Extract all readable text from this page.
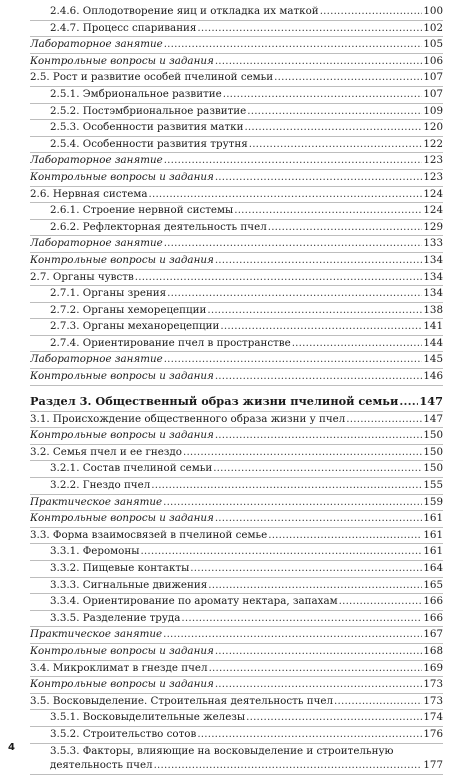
2.4.6. Оплодотворение яиц и откладка их маткой .....	100
2.4.7. Процесс спаривания .....	102
Лабораторное занятие .....	105
Контрольные вопросы и задания .....	106
2.5. Рост и развитие особей пчелиной семьи .....	107
2.5.1. Эмбриональное развитие .....	107
2.5.2. Постэмбриональное развитие .....	109
2.5.3. Особенности развития матки .....	120
2.5.4. Особенности развития трутня .....	122
Лабораторное занятие .....	123
Контрольные вопросы и задания .....	123
2.6. Нервная система .....	124
2.6.1. Строение нервной системы .....	124
2.6.2. Рефлекторная деятельность пчел .....	129
Лабораторное занятие .....	133
Контрольные вопросы и задания .....	134
2.7. Органы чувств .....	134
2.7.1. Органы зрения .....	134
2.7.2. Органы хеморецепции .....	138
2.7.3. Органы механорецепции .....	141
2.7.4. Ориентирование пчел в пространстве .....	144
Лабораторное занятие .....	145
Контрольные вопросы и задания .....	146
Раздел 3. Общественный образ жизни пчелиной семьи ..... 147
3.1. Происхождение общественного образа жизни у пчел .....	147
Контрольные вопросы и задания .....	150
3.2. Семья пчел и ее гнездо .....	150
3.2.1. Состав пчелиной семьи .....	150
3.2.2. Гнездо пчел .....	155
Практическое занятие .....	159
Контрольные вопросы и задания .....	161
3.3. Форма взаимосвязей в пчелиной семье .....	161
3.3.1. Феромоны .....	161
3.3.2. Пищевые контакты .....	164
3.3.3. Сигнальные движения .....	165
3.3.4. Ориентирование по аромату нектара, запахам .....	166
3.3.5. Разделение труда .....	166
Практическое занятие .....	167
Контрольные вопросы и задания .....	168
3.4. Микроклимат в гнезде пчел .....	169
Контрольные вопросы и задания .....	173
3.5. Восковыделение. Строительная деятельность пчел .....	173
3.5.1. Восковыделительные железы .....	174
3.5.2. Строительство сотов .....	176
3.5.3. Факторы, влияющие на восковыделение и строительную
деятельность пчел .....	177
4
